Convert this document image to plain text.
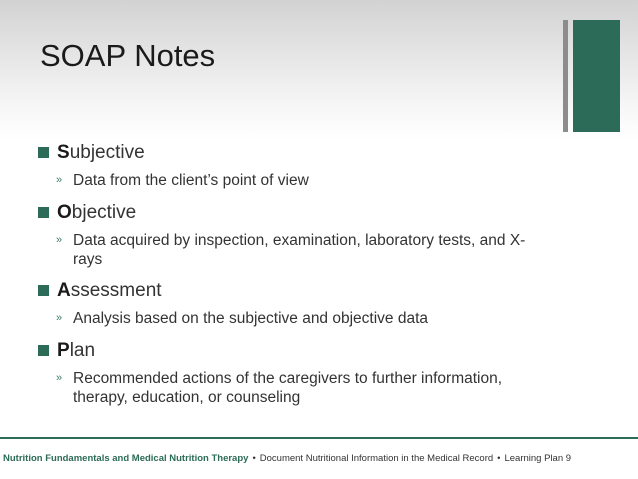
SOAP Notes
Subjective
» Data from the client’s point of view
Objective
» Data acquired by inspection, examination, laboratory tests, and X-rays
Assessment
» Analysis based on the subjective and objective data
Plan
» Recommended actions of the caregivers to further information, therapy, education, or counseling
Nutrition Fundamentals and Medical Nutrition Therapy • Document Nutritional Information in the Medical Record • Learning Plan 9
